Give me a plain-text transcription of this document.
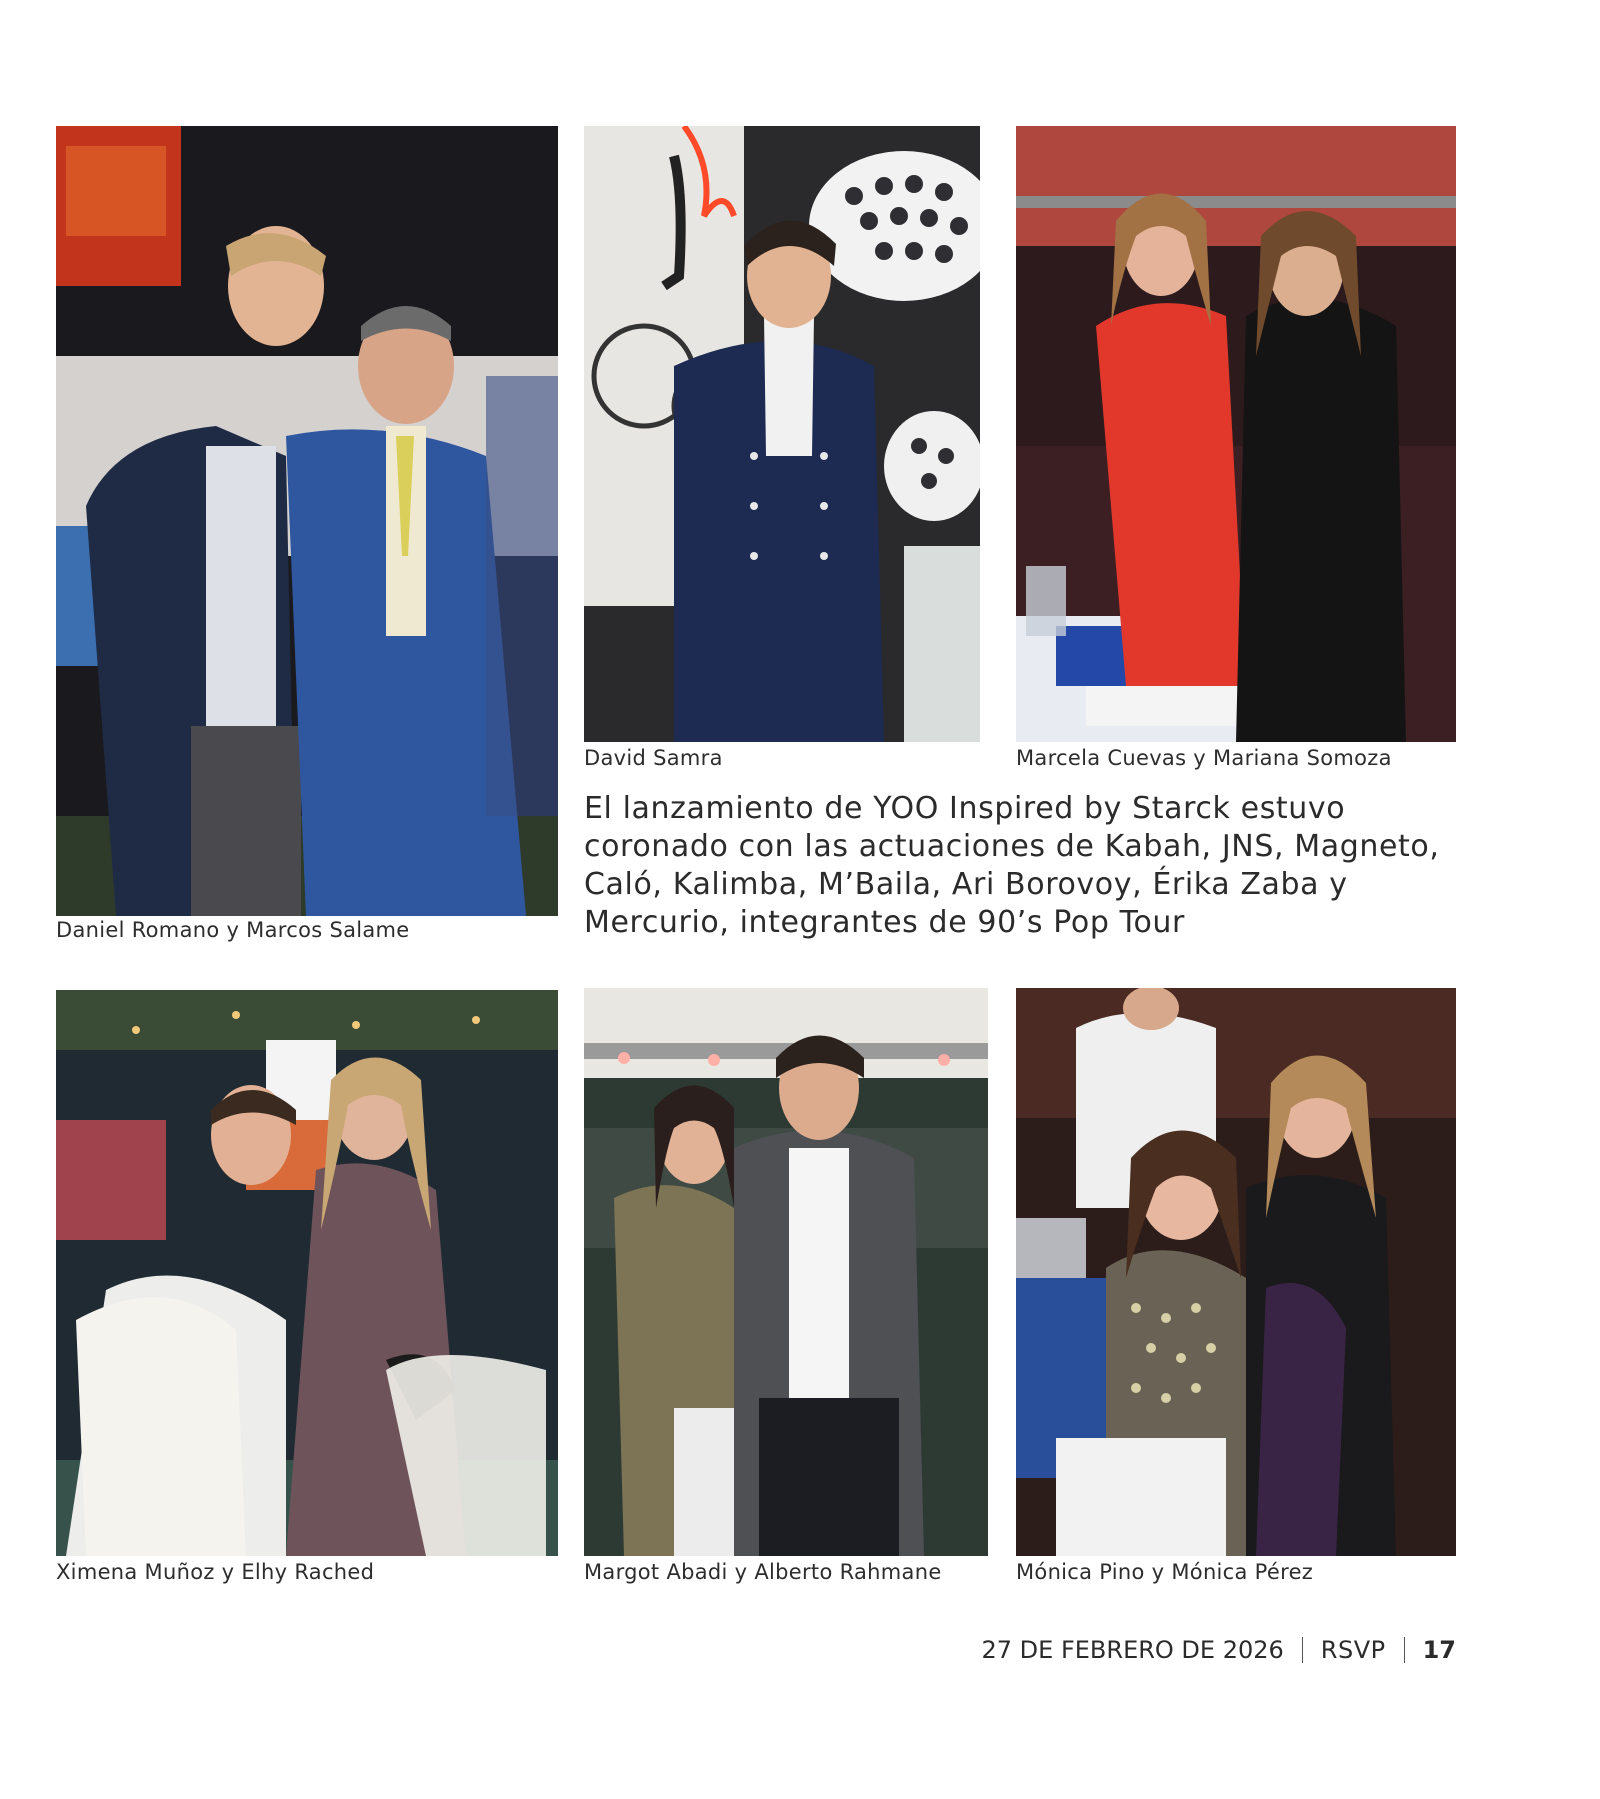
Daniel Romano y Marcos Salame
David Samra	Marcela Cuevas y Mariana Somoza
El lanzamiento de YOO Inspired by Starck estuvo coronado con las actuaciones de Kabah, JNS, Magneto, Caló, Kalimba, M’Baila, Ari Borovoy, Érika Zaba y Mercurio, integrantes de 90’s Pop Tour
Ximena Muñoz y Elhy Rached	Margot Abadi y Alberto Rahmane	Mónica Pino y Mónica Pérez
27 DE FEBRERO DE 2026 RSVP 17
